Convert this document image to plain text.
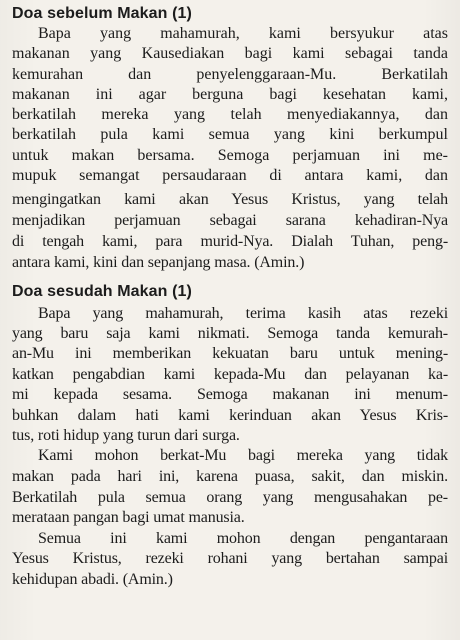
Doa sebelum Makan (1)

Bapa yang mahamurah, kami bersyukur atas
makanan yang Kausediakan bagi kami sebagai tanda
kemurahan dan penyelenggaraan-Mu. Berkatilah
makanan ini agar berguna bagi kesehatan kami,
berkatilah mereka yang telah menyediakannya, dan
berkatilah pula kami semua yang kini berkumpul
untuk makan bersama. Semoga perjamuan ini me-
mupuk semangat persaudaraan di antara kami, dan

mengingatkan kami akan Yesus Kristus, yang telah
menjadikan perjamuan sebagai sarana kehadiran-Nya
di tengah kami, para murid-Nya. Dialah Tuhan, peng-
antara kami, kini dan sepanjang masa. (Amin.)

Doa sesudah Makan (1)

Bapa yang mahamurah, terima kasih atas rezeki
yang baru saja kami nikmati. Semoga tanda kemurah-
an-Mu ini memberikan kekuatan baru untuk mening-
katkan pengabdian kami kepada-Mu dan pelayanan ka-
mi kepada sesama. Semoga makanan ini menum-
buhkan dalam hati kami kerinduan akan Yesus Kris-
tus, roti hidup yang turun dari surga.

Kami mohon berkat-Mu bagi mereka yang tidak
makan pada hari ini, karena puasa, sakit, dan miskin.
Berkatilah pula semua orang yang mengusahakan pe-
merataan pangan bagi umat manusia.

Semua ini kami mohon dengan pengantaraan
Yesus Kristus, rezeki rohani yang bertahan sampai
kehidupan abadi. (Amin.)
